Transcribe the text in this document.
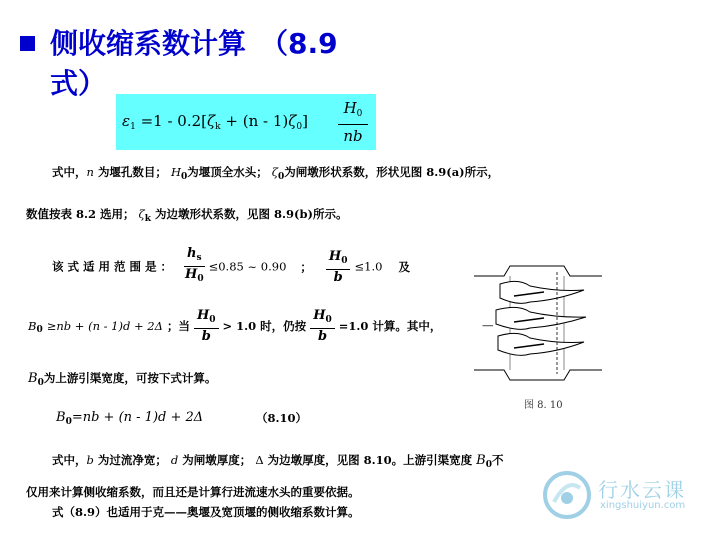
侧收缩系数计算　（8.9
式）
$\varepsilon_1 =1 - 0.2[\zeta_k + (n - 1)\zeta_0]$
$H_0$
nb
式中，n 为堰孔数目； $H_0$为堰顶全水头； $\zeta_0$为闸墩形状系数，形状见图 8.9(a)所示，
数值按表 8.2 选用； $\zeta_k$ 为边墩形状系数，见图 8.9(b)所示。
该 式 适 用 范 围 是 ： $\frac{h_s}{H_0} \le 0.85$ ~ 0.90 ； $\frac{H_0}{b} \le 1.0$ 及
$B_0 \ge nb + (n - 1)d + 2\Delta$ ；当 $\frac{H_0}{b} > 1.0$ 时，仍按 $\frac{H_0}{b} =1.0$ 计算。其中，
$B_0$为上游引渠宽度，可按下式计算。
$B_0=nb + (n - 1)d + 2\Delta$	（8.10）
式中，b 为过流净宽； d 为闸墩厚度； Δ 为边墩厚度，见图 8.10。上游引渠宽度 $B_0$不
仅用来计算侧收缩系数，而且还是计算行进流速水头的重要依据。
式（8.9）也适用于克——奥堰及宽顶堰的侧收缩系数计算。
—
图 8. 10
行水云课
xingshuiyun.com
